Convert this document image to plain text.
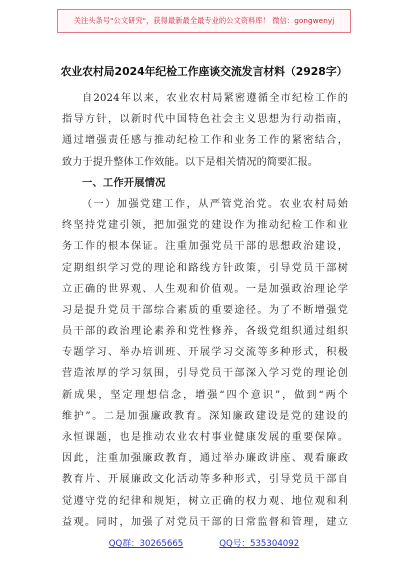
关注头条号"公文研究"，获得最新最全最专业的公文资料库！ 微信：gongwenyj
农业农村局2024年纪检工作座谈交流发言材料（2928字）
自2024年以来，农业农村局紧密遵循全市纪检工作的
指导方针，以新时代中国特色社会主义思想为行动指南，
通过增强责任感与推动纪检工作和业务工作的紧密结合，
致力于提升整体工作效能。以下是相关情况的简要汇报。
一、工作开展情况
（一）加强党建工作，从严管党治党。农业农村局始
终坚持党建引领，把加强党的建设作为推动纪检工作和业
务工作的根本保证。注重加强党员干部的思想政治建设，
定期组织学习党的理论和路线方针政策，引导党员干部树
立正确的世界观、人生观和价值观。一是加强政治理论学
习是提升党员干部综合素质的重要途径。为了不断增强党
员干部的政治理论素养和党性修养，各级党组织通过组织
专题学习、举办培训班、开展学习交流等多种形式，积极
营造浓厚的学习氛围，引导党员干部深入学习党的理论创
新成果，坚定理想信念，增强“四个意识”，做到“两个
维护”。二是加强廉政教育。深知廉政建设是党的建设的
永恒课题，也是推动农业农村事业健康发展的重要保障。
因此，注重加强廉政教育，通过举办廉政讲座、观看廉政
教育片、开展廉政文化活动等多种形式，引导党员干部自
觉遵守党的纪律和规矩，树立正确的权力观、地位观和利
益观。同时，加强了对党员干部的日常监督和管理，建立
QQ群：30265665	QQ号：535304092
